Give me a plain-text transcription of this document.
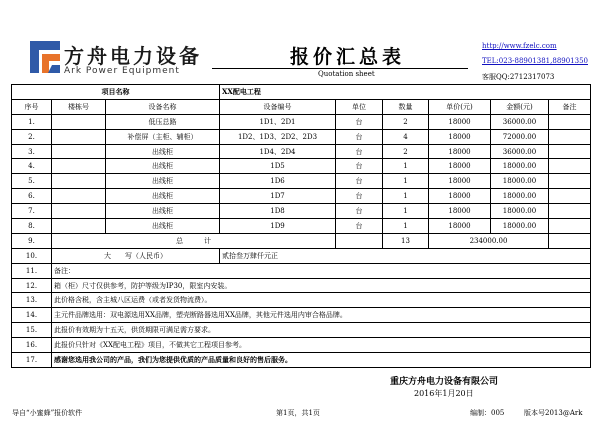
方舟电力设备
Ark Power Equipment
报价汇总表
Quotation sheet
http://www.fzelc.com
TEL:023-88901381,88901350
客服QQ:2712317073
项目名称			XX配电工程					
序号	楼栋号	设备名称	设备编号	单位	数量	单价(元)	金额(元)	备注
1.		低压总路	1D1、2D1	台	2	18000	36000.00	
2.		补偿屏（主柜、辅柜）	1D2、1D3、2D2、2D3	台	4	18000	72000.00	
3.		出线柜	1D4、2D4	台	2	18000	36000.00	
4.		出线柜	1D5	台	1	18000	18000.00	
5.		出线柜	1D6	台	1	18000	18000.00	
6.		出线柜	1D7	台	1	18000	18000.00	
7.		出线柜	1D8	台	1	18000	18000.00	
8.		出线柜	1D9	台	1	18000	18000.00	
9.	总　　　计				13	234000.00		
10.	大　　写（人民币）		贰拾叁万肆仟元正					
11.	备注：							
12.	箱（柜）尺寸仅供参考，防护等级为IP30，限室内安装。							
13.	此价格含税，含主城八区运费（或者发货物流费）。							
14.	主元件品牌选用：双电源选用XX品牌，塑壳断路器选用XX品牌，其他元件选用内审合格品牌。							
15.	此报价有效期为十五天，供货期限可满足需方要求。							
16.	此报价只针对《XX配电工程》项目，不做其它工程项目参考。							
17.	感谢您选用我公司的产品，我们为您提供优质的产品质量和良好的售后服务。							
重庆方舟电力设备有限公司
2016年1月20日
导自“小蜜蜂”报价软件	第1页，共1页	编制：005	版本号2013@Ark
